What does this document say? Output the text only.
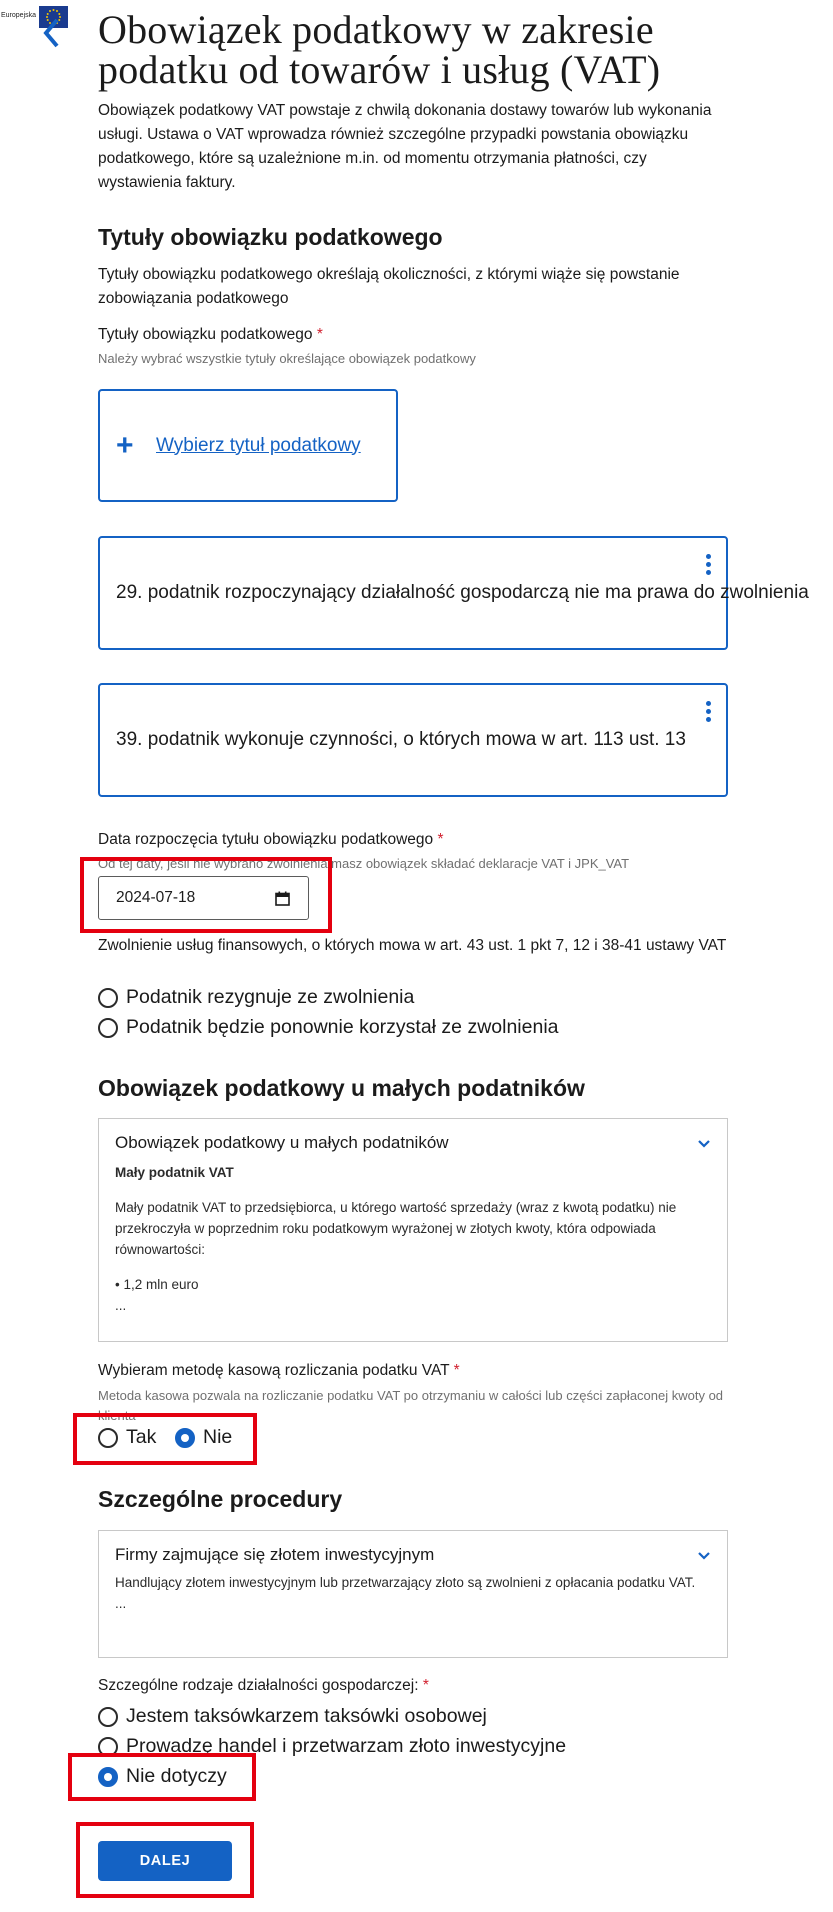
Europejska Obowiązek podatkowy w zakresie podatku od towarów i usług (VAT)

Obowiązek podatkowy VAT powstaje z chwilą dokonania dostawy towarów lub wykonania usługi. Ustawa o VAT wprowadza również szczególne przypadki powstania obowiązku podatkowego, które są uzależnione m.in. od momentu otrzymania płatności, czy wystawienia faktury.

Tytuły obowiązku podatkowego

Tytuły obowiązku podatkowego określają okoliczności, z którymi wiąże się powstanie zobowiązania podatkowego

Tytuły obowiązku podatkowego *
Należy wybrać wszystkie tytuły określające obowiązek podatkowy
+	Wybierz tytuł podatkowy
29. podatnik rozpoczynający działalność gospodarczą nie ma prawa do zwolnienia
39. podatnik wykonuje czynności, o których mowa w art. 113 ust. 13
Data rozpoczęcia tytułu obowiązku podatkowego *
Od tej daty, jeśli nie wybrano zwolnienia masz obowiązek składać deklaracje VAT i JPK_VAT
2024-07-18

Zwolnienie usług finansowych, o których mowa w art. 43 ust. 1 pkt 7, 12 i 38-41 ustawy VAT

Podatnik rezygnuje ze zwolnienia
Podatnik będzie ponownie korzystał ze zwolnienia
Obowiązek podatkowy u małych podatników
Obowiązek podatkowy u małych podatników
Mały podatnik VAT
Mały podatnik VAT to przedsiębiorca, u którego wartość sprzedaży (wraz z kwotą podatku) nie przekroczyła w poprzednim roku podatkowym wyrażonej w złotych kwoty, która odpowiada równowartości:
• 1,2 mln euro
...
Wybieram metodę kasową rozliczania podatku VAT *
Metoda kasowa pozwala na rozliczanie podatku VAT po otrzymaniu w całości lub części zapłaconej kwoty od klienta
Tak Nie
Szczególne procedury
Firmy zajmujące się złotem inwestycyjnym
Handlujący złotem inwestycyjnym lub przetwarzający złoto są zwolnieni z opłacania podatku VAT.
...
Szczególne rodzaje działalności gospodarczej: *
Jestem taksówkarzem taksówki osobowej
Prowadzę handel i przetwarzam złoto inwestycyjne
Nie dotyczy
DALEJ
